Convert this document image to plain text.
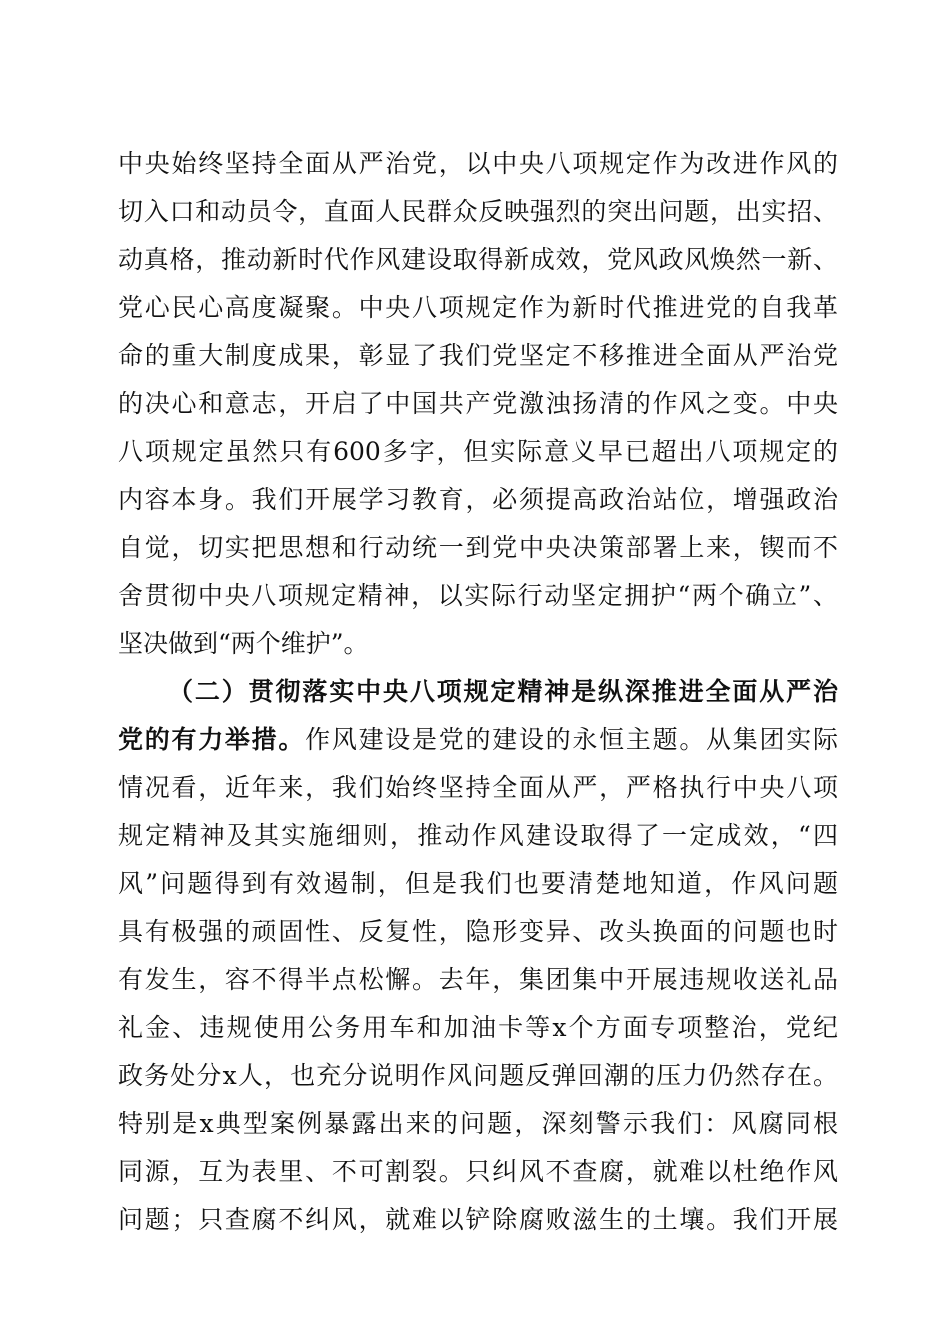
中央始终坚持全面从严治党，以中央八项规定作为改进作风的
切入口和动员令，直面人民群众反映强烈的突出问题，出实招、
动真格，推动新时代作风建设取得新成效，党风政风焕然一新、
党心民心高度凝聚。中央八项规定作为新时代推进党的自我革
命的重大制度成果，彰显了我们党坚定不移推进全面从严治党
的决心和意志，开启了中国共产党激浊扬清的作风之变。中央
八项规定虽然只有600多字，但实际意义早已超出八项规定的
内容本身。我们开展学习教育，必须提高政治站位，增强政治
自觉，切实把思想和行动统一到党中央决策部署上来，锲而不
舍贯彻中央八项规定精神，以实际行动坚定拥护“两个确立”、
坚决做到“两个维护”。
（二）贯彻落实中央八项规定精神是纵深推进全面从严治
党的有力举措。作风建设是党的建设的永恒主题。从集团实际
情况看，近年来，我们始终坚持全面从严，严格执行中央八项
规定精神及其实施细则，推动作风建设取得了一定成效，“四
风”问题得到有效遏制，但是我们也要清楚地知道，作风问题
具有极强的顽固性、反复性，隐形变异、改头换面的问题也时
有发生，容不得半点松懈。去年，集团集中开展违规收送礼品
礼金、违规使用公务用车和加油卡等x个方面专项整治，党纪
政务处分x人，也充分说明作风问题反弹回潮的压力仍然存在。
特别是x典型案例暴露出来的问题，深刻警示我们：风腐同根
同源，互为表里、不可割裂。只纠风不查腐，就难以杜绝作风
问题；只查腐不纠风，就难以铲除腐败滋生的土壤。我们开展
